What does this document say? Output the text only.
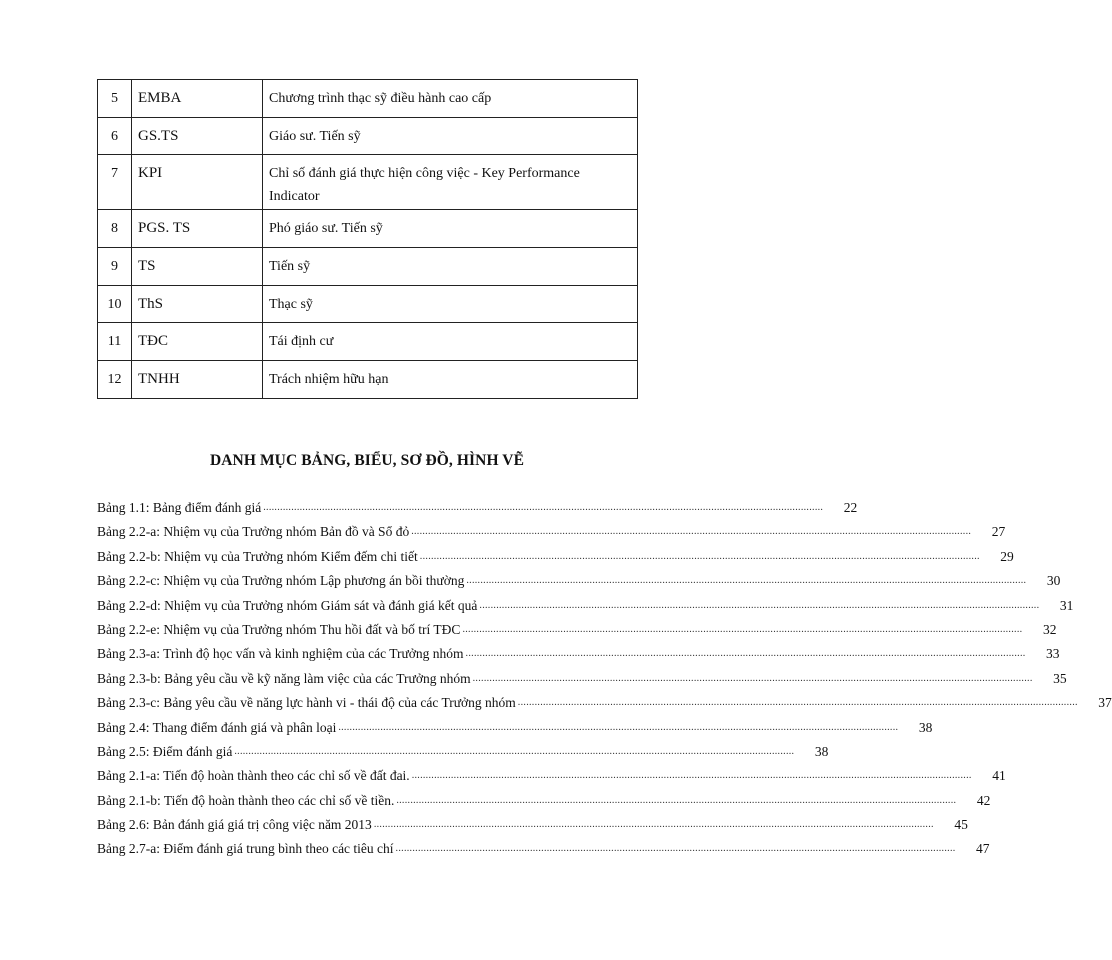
5	EMBA	Chương trình thạc sỹ điều hành cao cấp
6	GS.TS	Giáo sư. Tiến sỹ
7	KPI	Chỉ số đánh giá thực hiện công việc - Key Performance Indicator
8	PGS. TS	Phó giáo sư. Tiến sỹ
9	TS	Tiến sỹ
10	ThS	Thạc sỹ
11	TĐC	Tái định cư
12	TNHH	Trách nhiệm hữu hạn
DANH MỤC BẢNG, BIỂU, SƠ ĐỒ, HÌNH VẼ
Bảng 1.1: Bảng điểm đánh giá ........................................................................................................................................................................................................	22
Bảng 2.2-a: Nhiệm vụ của Trưởng nhóm Bản đồ và Sổ đỏ ........................................................................................................................................................................................................	27
Bảng 2.2-b: Nhiệm vụ của Trưởng nhóm Kiểm đếm chi tiết ........................................................................................................................................................................................................	29
Bảng 2.2-c: Nhiệm vụ của Trưởng nhóm Lập phương án bồi thường ........................................................................................................................................................................................................	30
Bảng 2.2-d: Nhiệm vụ của Trưởng nhóm Giám sát và đánh giá kết quả ........................................................................................................................................................................................................	31
Bảng 2.2-e: Nhiệm vụ của Trưởng nhóm Thu hồi đất và bố trí TĐC ........................................................................................................................................................................................................	32
Bảng 2.3-a: Trình độ học vấn và kinh nghiệm của các Trưởng nhóm ........................................................................................................................................................................................................	33
Bảng 2.3-b: Bảng yêu cầu về kỹ năng làm việc của các Trưởng nhóm ........................................................................................................................................................................................................	35
Bảng 2.3-c: Bảng yêu cầu về năng lực hành vi - thái độ của các Trưởng nhóm ........................................................................................................................................................................................................	37
Bảng 2.4: Thang điểm đánh giá và phân loại ........................................................................................................................................................................................................	38
Bảng 2.5: Điểm đánh giá ........................................................................................................................................................................................................	38
Bảng 2.1-a: Tiến độ hoàn thành theo các chỉ số về đất đai. ........................................................................................................................................................................................................	41
Bảng 2.1-b: Tiến độ hoàn thành theo các chỉ số về tiền. ........................................................................................................................................................................................................	42
Bảng 2.6: Bản đánh giá giá trị công việc năm 2013 ........................................................................................................................................................................................................	45
Bảng 2.7-a: Điểm đánh giá trung bình theo các tiêu chí ........................................................................................................................................................................................................	47
